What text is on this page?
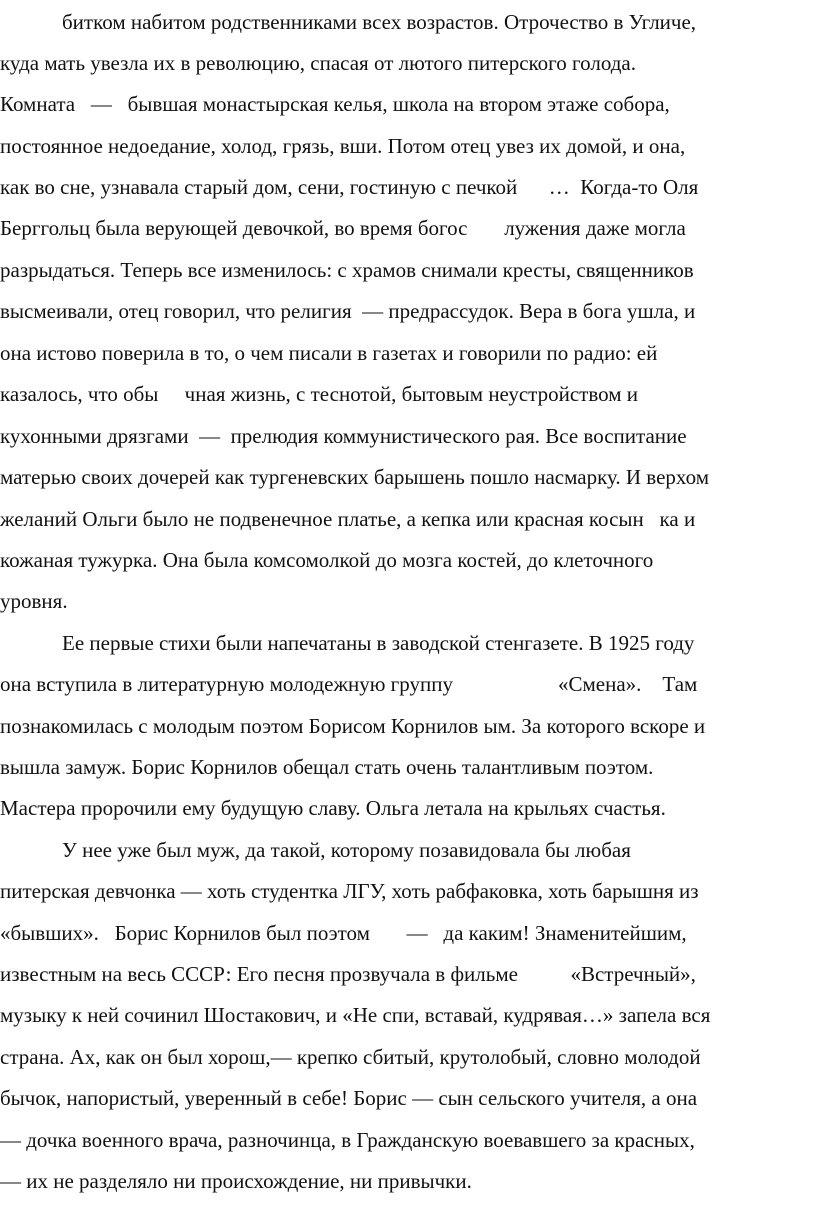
битком набитом родственниками всех возрастов. Отрочество в Угличе,
куда мать увезла их в революцию, спасая от лютого питерского голода.
Комната   —   бывшая монастырская келья, школа на втором этаже собора,
постоянное недоедание, холод, грязь, вши. Потом отец увез их домой, и она,
как во сне, узнавала старый дом, сени, гостиную с печкой      …  Когда-то Оля
Берггольц была верующей девочкой, во время богос       лужения даже могла
разрыдаться. Теперь все изменилось: с храмов снимали кресты, священников
высмеивали, отец говорил, что религия  — предрассудок. Вера в бога ушла, и
она истово поверила в то, о чем писали в газетах и говорили по радио: ей
казалось, что обы     чная жизнь, с теснотой, бытовым неустройством и
кухонными дрязгами  —  прелюдия коммунистического рая. Все воспитание
матерью своих дочерей как тургеневских барышень пошло насмарку. И верхом
желаний Ольги было не подвенечное платье, а кепка или красная косын   ка и
кожаная тужурка. Она была комсомолкой до мозга костей, до клеточного
уровня.
Ее первые стихи были напечатаны в заводской стенгазете. В 1925 году
она вступила в литературную молодежную группу                    «Смена».    Там
познакомилась с молодым поэтом Борисом Корнилов ым. За которого вскоре и
вышла замуж. Борис Корнилов обещал стать очень талантливым поэтом.
Мастера пророчили ему будущую славу. Ольга летала на крыльях счастья.
У нее уже был муж, да такой, которому позавидовала бы любая
питерская девчонка — хоть студентка ЛГУ, хоть рабфаковка, хоть барышня из
«бывших».   Борис Корнилов был поэтом       —   да каким! Знаменитейшим,
известным на весь СССР: Его песня прозвучала в фильме          «Встречный»,
музыку к ней сочинил Шостакович, и «Не спи, вставай, кудрявая…» запела вся
страна. Ах, как он был хорош,— крепко сбитый, крутолобый, словно молодой
бычок, напористый, уверенный в себе! Борис — сын сельского учителя, а она
— дочка военного врача, разночинца, в Гражданскую воевавшего за красных,
— их не разделяло ни происхождение, ни привычки.
